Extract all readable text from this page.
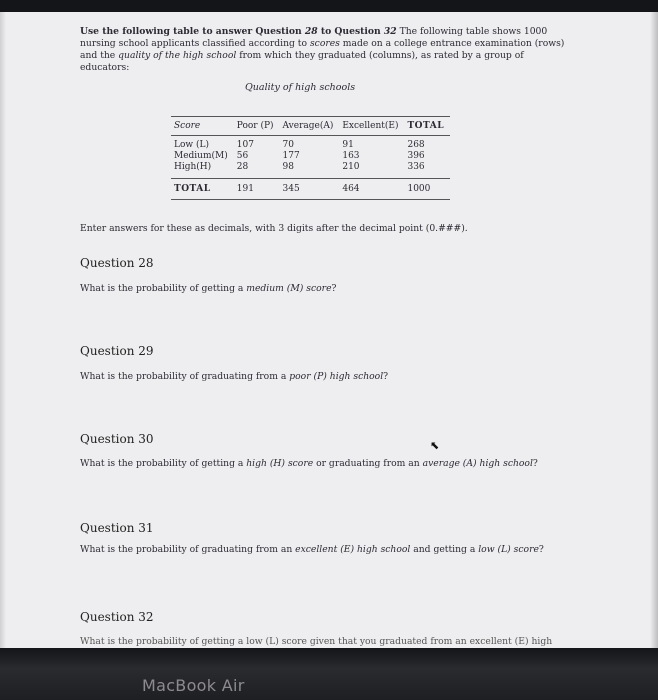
Use the following table to answer Question 28 to Question 32 The following table shows 1000 nursing school applicants classified according to scores made on a college entrance examination (rows) and the quality of the high school from which they graduated (columns), as rated by a group of educators:

Quality of high schools
Score	Poor (P)	Average(A)	Excellent(E)	TOTAL
Low (L)	107	70	91	268
Medium(M)	56	177	163	396
High(H)	28	98	210	336

TOTAL	191	345	464	1000
Enter answers for these as decimals, with 3 digits after the decimal point (0.###).
Question 28
What is the probability of getting a medium (M) score?
Question 29
What is the probability of graduating from a poor (P) high school?
Question 30
What is the probability of getting a high (H) score or graduating from an average (A) high school?
⬉
Question 31
What is the probability of graduating from an excellent (E) high school and getting a low (L) score?
Question 32
What is the probability of getting a low (L) score given that you graduated from an excellent (E) high
MacBook Air
